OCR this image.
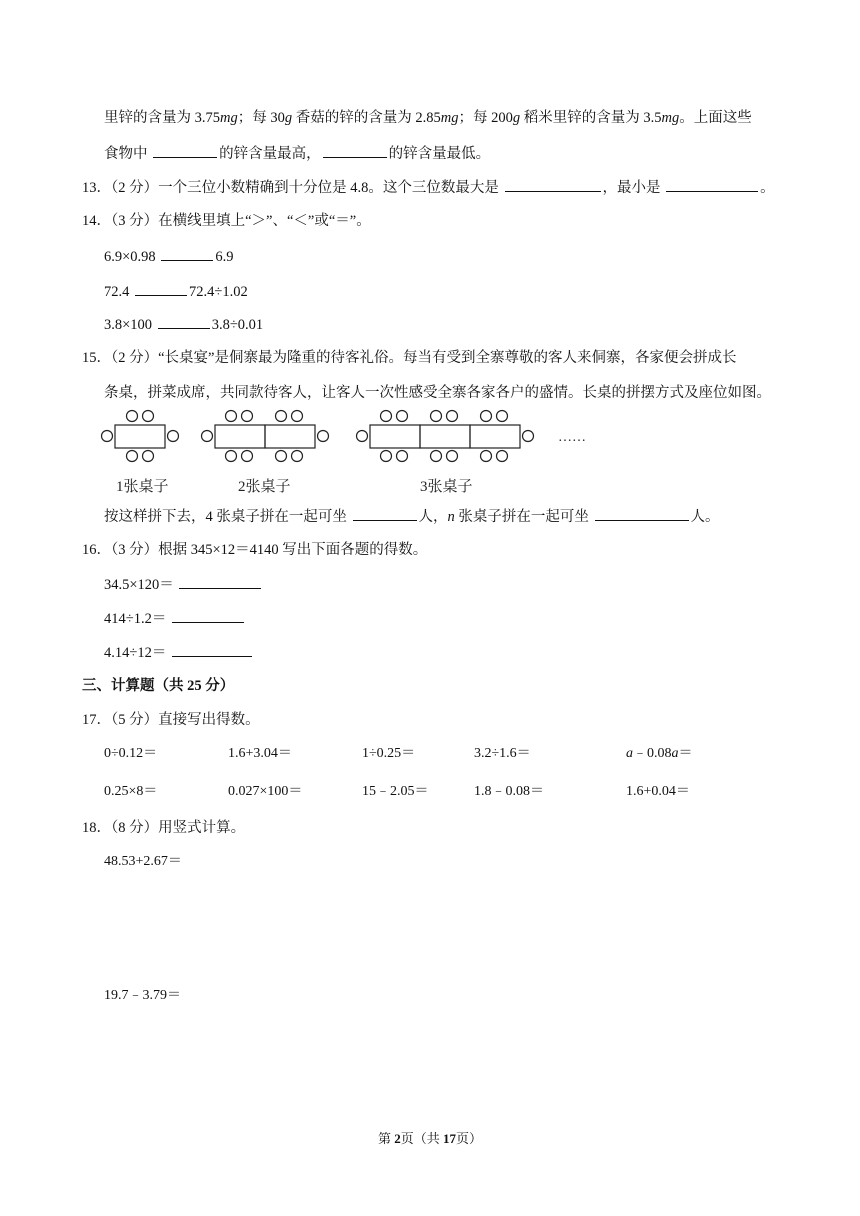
里锌的含量为 3.75mg；每 30g 香菇的锌的含量为 2.85mg；每 200g 稻米里锌的含量为 3.5mg。上面这些
食物中	的锌含量最高，	的锌含量最低。
13．（2 分）一个三位小数精确到十分位是 4.8。这个三位数最大是	，最小是	。
14．（3 分）在横线里填上“＞”、“＜”或“＝”。
6.9×0.98	6.9
72.4	72.4÷1.02
3.8×100	3.8÷0.01
15．（2 分）“长桌宴”是侗寨最为隆重的待客礼俗。每当有受到全寨尊敬的客人来侗寨，各家便会拼成长
条桌，拼菜成席，共同款待客人，让客人一次性感受全寨各家各户的盛情。长桌的拼摆方式及座位如图。
……
1张桌子	2张桌子	3张桌子
按这样拼下去，4 张桌子拼在一起可坐	人，n 张桌子拼在一起可坐	人。
16．（3 分）根据 345×12＝4140 写出下面各题的得数。
34.5×120＝
414÷1.2＝
4.14÷12＝
三、计算题（共 25 分）
17．（5 分）直接写出得数。
0÷0.12＝	1.6+3.04＝	1÷0.25＝	3.2÷1.6＝	a﹣0.08a＝
0.25×8＝	0.027×100＝	15﹣2.05＝	1.8﹣0.08＝	1.6+0.04＝
18．（8 分）用竖式计算。
48.53+2.67＝
19.7﹣3.79＝
第 2页（共 17页）
